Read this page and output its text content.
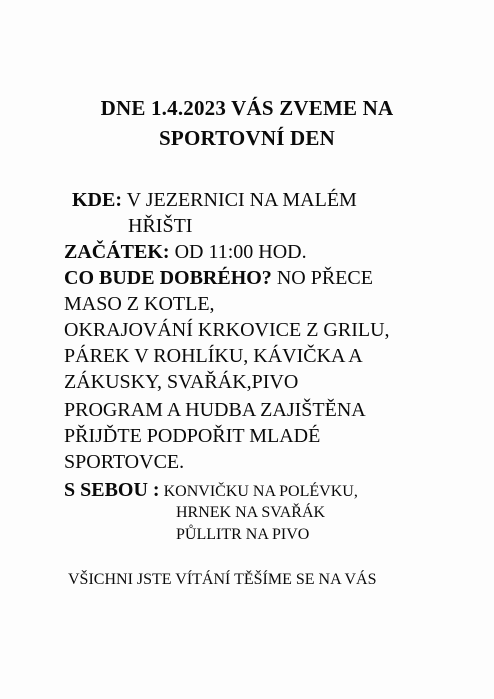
DNE 1.4.2023 VÁS ZVEME NA
SPORTOVNÍ DEN
KDE: V JEZERNICI NA MALÉM
HŘIŠTI
ZAČÁTEK: OD 11:00 HOD.
CO BUDE DOBRÉHO? NO PŘECE
MASO Z KOTLE,
OKRAJOVÁNÍ KRKOVICE Z GRILU,
PÁREK V ROHLÍKU, KÁVIČKA A
ZÁKUSKY, SVAŘÁK,PIVO
PROGRAM A HUDBA ZAJIŠTĚNA
PŘIJĎTE PODPOŘIT MLADÉ
SPORTOVCE.
S SEBOU : KONVIČKU NA POLÉVKU,
HRNEK NA SVAŘÁK
PŮLLITR NA PIVO
VŠICHNI JSTE VÍTÁNÍ TĚŠÍME SE NA VÁS
